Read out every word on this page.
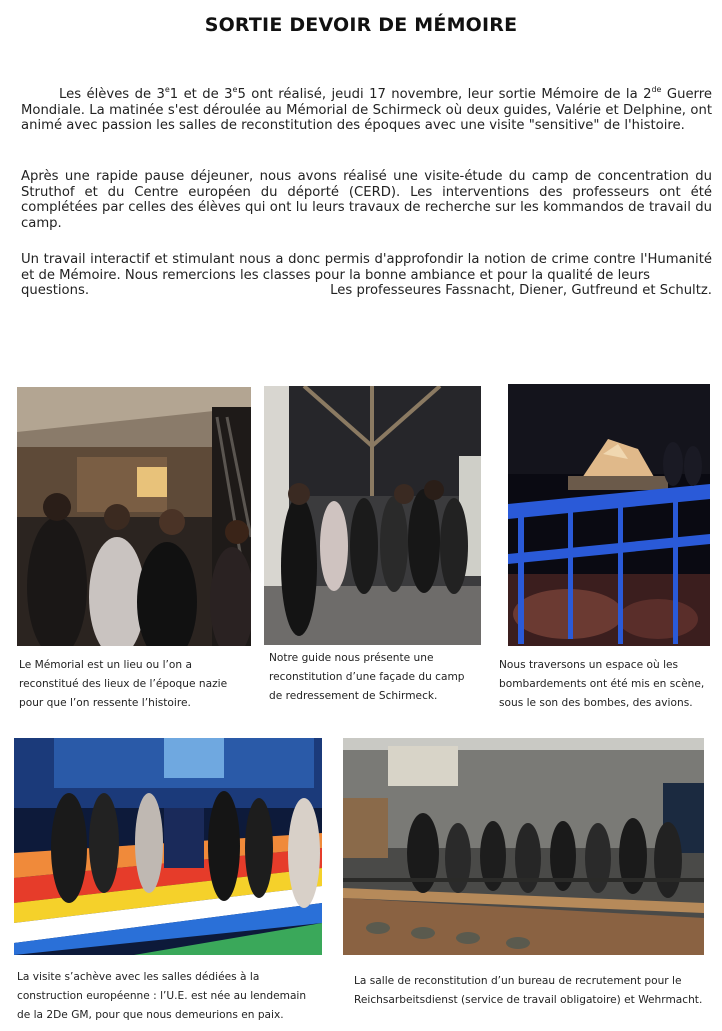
SORTIE DEVOIR DE MÉMOIRE

Les élèves de 3e1 et de 3e5 ont réalisé, jeudi 17 novembre, leur sortie Mémoire de la 2de Guerre Mondiale. La matinée s'est déroulée au Mémorial de Schirmeck où deux guides, Valérie et Delphine, ont animé avec passion les salles de reconstitution des époques avec une visite "sensitive" de l'histoire.

Après une rapide pause déjeuner, nous avons réalisé une visite-étude du camp de concentration du Struthof et du Centre européen du déporté (CERD). Les interventions des professeurs ont été complétées par celles des élèves qui ont lu leurs travaux de recherche sur les kommandos de travail du camp.

Un travail interactif et stimulant nous a donc permis d'approfondir la notion de crime contre l'Humanité et de Mémoire. Nous remercions les classes pour la bonne ambiance et pour la qualité de leurs

questions.	Les professeures Fassnacht, Diener, Gutfreund et Schultz.
Le Mémorial est un lieu ou l’on a reconstitué des lieux de l’époque nazie pour que l’on ressente l’histoire.
Notre guide nous présente une reconstitution d’une façade du camp de redressement de Schirmeck.
Nous traversons un espace où les bombardements ont été mis en scène, sous le son des bombes, des avions.
La visite s’achève avec les salles dédiées à la construction européenne : l’U.E. est née au lendemain de la 2De GM, pour que nous demeurions en paix.
La salle de reconstitution d’un bureau de recrutement pour le Reichsarbeitsdienst (service de travail obligatoire) et Wehrmacht.
